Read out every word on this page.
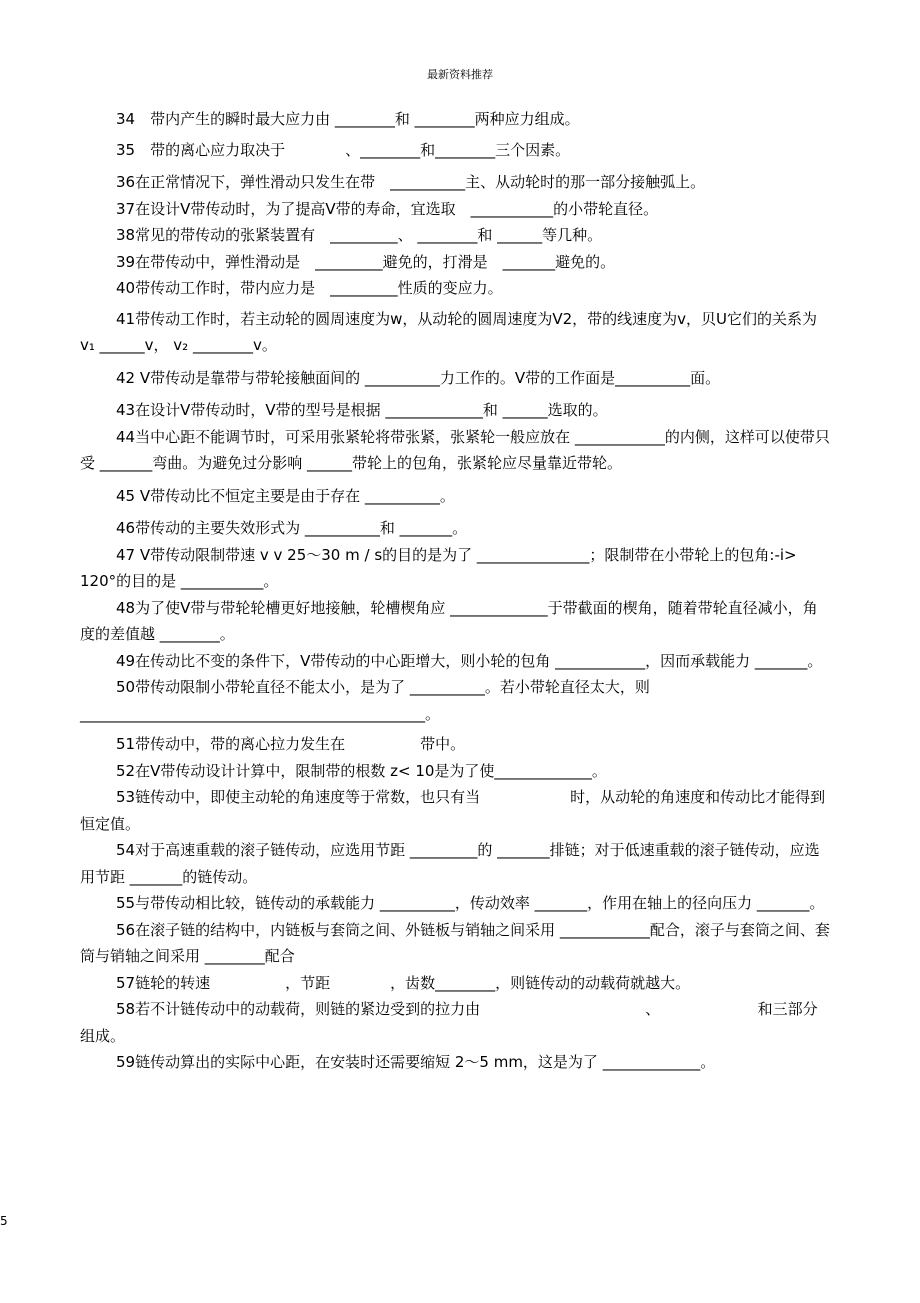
最新资料推荐

34　带内产生的瞬时最大应力由 ________和 ________两种应力组成。

35　带的离心应力取决于　　　　、________和________三个因素。

36在正常情况下，弹性滑动只发生在带　__________主、从动轮时的那一部分接触弧上。

37在设计V带传动时，为了提高V带的寿命，宜选取　___________的小带轮直径。

38常见的带传动的张紧装置有　_________、 ________和 ______等几种。

39在带传动中，弹性滑动是　_________避免的，打滑是　_______避免的。

40带传动工作时，带内应力是　_________性质的变应力。

41带传动工作时，若主动轮的圆周速度为w，从动轮的圆周速度为V2，带的线速度为v，贝U它们的关系为 v₁ ______v， v₂ ________v。

42 V带传动是靠带与带轮接触面间的 __________力工作的。V带的工作面是__________面。

43在设计V带传动时，V带的型号是根据 _____________和 ______选取的。

44当中心距不能调节时，可采用张紧轮将带张紧，张紧轮一般应放在 ____________的内侧，这样可以使带只受 _______弯曲。为避免过分影响 ______带轮上的包角，张紧轮应尽量靠近带轮。

45 V带传动比不恒定主要是由于存在 __________。

46带传动的主要失效形式为 __________和 _______。

47 V带传动限制带速 v v 25～30 m / s的目的是为了 _______________；限制带在小带轮上的包角:-i> 120°的目的是 ___________。

48为了使V带与带轮轮槽更好地接触，轮槽楔角应 _____________于带截面的楔角，随着带轮直径减小，角度的差值越 ________。

49在传动比不变的条件下，V带传动的中心距增大，则小轮的包角 ____________，因而承载能力 _______。

50带传动限制小带轮直径不能太小，是为了 __________。若小带轮直径太大，则 ______________________________________________。

51带传动中，带的离心拉力发生在　　　　　带中。

52在V带传动设计计算中，限制带的根数 z< 10是为了使_____________。

53链传动中，即使主动轮的角速度等于常数，也只有当　　　　　　时，从动轮的角速度和传动比才能得到恒定值。

54对于高速重载的滚子链传动，应选用节距 _________的 _______排链；对于低速重载的滚子链传动，应选用节距 _______的链传动。

55与带传动相比较，链传动的承载能力 __________，传动效率 _______，作用在轴上的径向压力 _______。

56在滚子链的结构中，内链板与套筒之间、外链板与销轴之间采用 ____________配合，滚子与套筒之间、套筒与销轴之间采用 ________配合

57链轮的转速　　　　　，节距　　　　，齿数________，则链传动的动载荷就越大。

58若不计链传动中的动载荷，则链的紧边受到的拉力由　　　　　　　　　　　、　　　　　　　和三部分组成。

59链传动算出的实际中心距，在安装时还需要缩短 2～5 mm，这是为了 _____________。

5
